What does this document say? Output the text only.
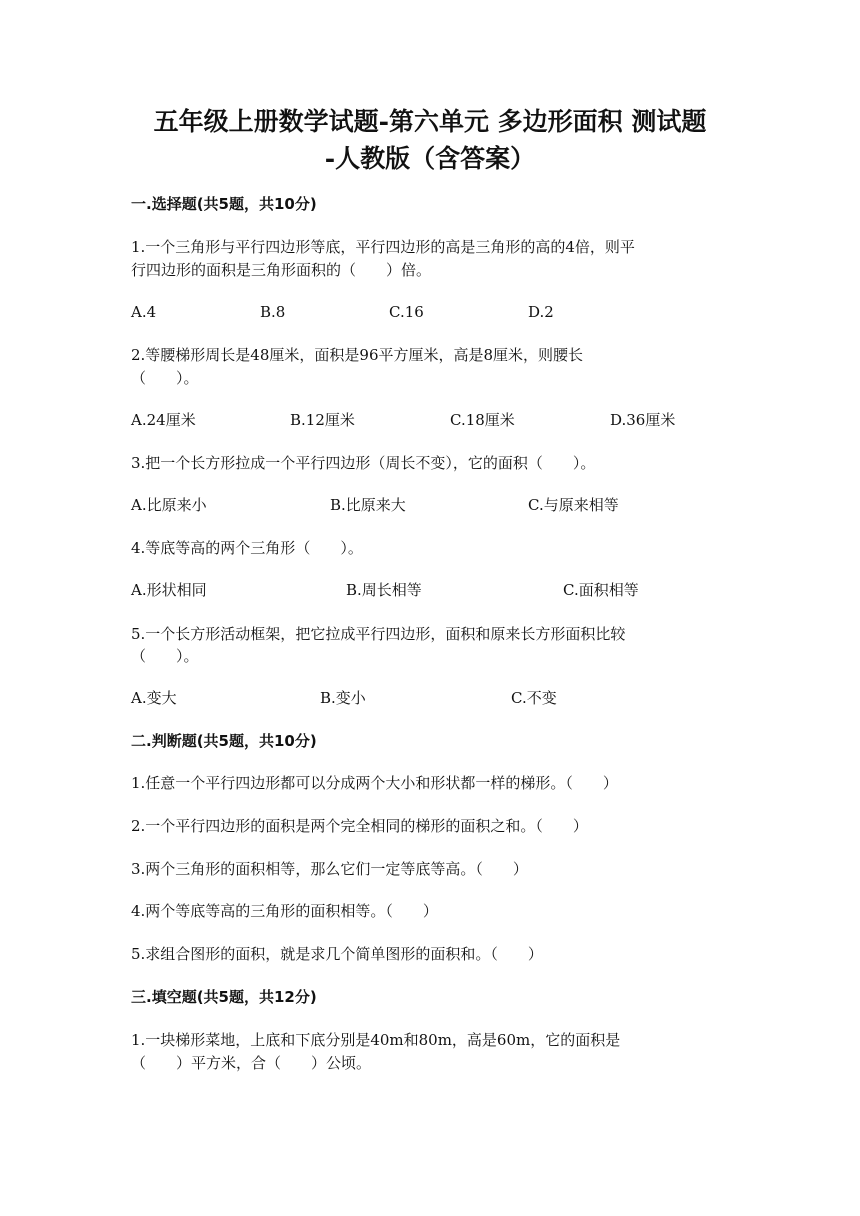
五年级上册数学试题-第六单元 多边形面积 测试题
-人教版（含答案）
一.选择题(共5题，共10分)
1.一个三角形与平行四边形等底，平行四边形的高是三角形的高的4倍，则平
行四边形的面积是三角形面积的（　　）倍。
A.4	B.8	C.16	D.2
2.等腰梯形周长是48厘米，面积是96平方厘米，高是8厘米，则腰长
（　　）。
A.24厘米	B.12厘米	C.18厘米	D.36厘米
3.把一个长方形拉成一个平行四边形（周长不变），它的面积（　　）。
A.比原来小	B.比原来大	C.与原来相等
4.等底等高的两个三角形（　　）。
A.形状相同	B.周长相等	C.面积相等
5.一个长方形活动框架，把它拉成平行四边形，面积和原来长方形面积比较
（　　）。
A.变大	B.变小	C.不变
二.判断题(共5题，共10分)
1.任意一个平行四边形都可以分成两个大小和形状都一样的梯形。（　　）
2.一个平行四边形的面积是两个完全相同的梯形的面积之和。（　　）
3.两个三角形的面积相等，那么它们一定等底等高。（　　）
4.两个等底等高的三角形的面积相等。（　　）
5.求组合图形的面积，就是求几个简单图形的面积和。（　　）
三.填空题(共5题，共12分)
1.一块梯形菜地，上底和下底分别是40m和80m，高是60m，它的面积是
（　　）平方米，合（　　）公顷。
